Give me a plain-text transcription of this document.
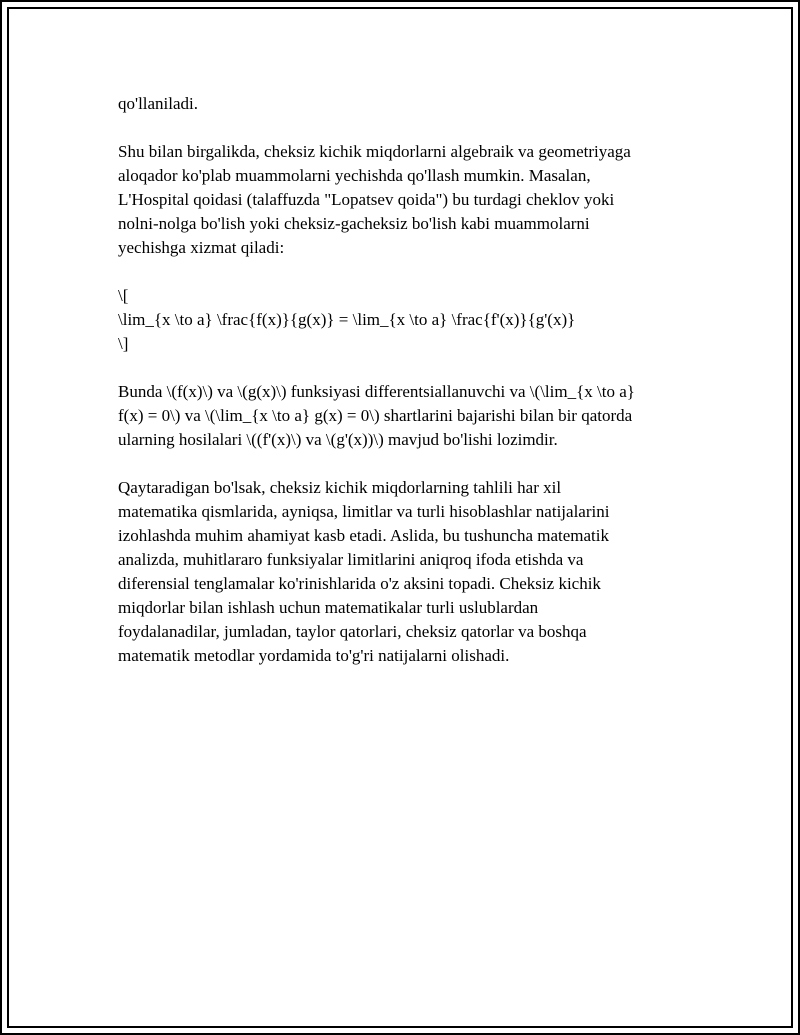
qo'llaniladi.

Shu bilan birgalikda, cheksiz kichik miqdorlarni algebraik va geometriyaga
aloqador ko'plab muammolarni yechishda qo'llash mumkin. Masalan,
L'Hospital qoidasi (talaffuzda "Lopatsev qoida") bu turdagi cheklov yoki
nolni-nolga bo'lish yoki cheksiz-gacheksiz bo'lish kabi muammolarni
yechishga xizmat qiladi:

\[
\lim_{x \to a} \frac{f(x)}{g(x)} = \lim_{x \to a} \frac{f'(x)}{g'(x)}
\]

Bunda \(f(x)\) va \(g(x)\) funksiyasi differentsiallanuvchi va \(\lim_{x \to a}
f(x) = 0\) va \(\lim_{x \to a} g(x) = 0\) shartlarini bajarishi bilan bir qatorda
ularning hosilalari \((f'(x)\) va \(g'(x))\) mavjud bo'lishi lozimdir.

Qaytaradigan bo'lsak, cheksiz kichik miqdorlarning tahlili har xil
matematika qismlarida, ayniqsa, limitlar va turli hisoblashlar natijalarini
izohlashda muhim ahamiyat kasb etadi. Aslida, bu tushuncha matematik
analizda, muhitlararo funksiyalar limitlarini aniqroq ifoda etishda va
diferensial tenglamalar ko'rinishlarida o'z aksini topadi. Cheksiz kichik
miqdorlar bilan ishlash uchun matematikalar turli uslublardan
foydalanadilar, jumladan, taylor qatorlari, cheksiz qatorlar va boshqa
matematik metodlar yordamida to'g'ri natijalarni olishadi.
